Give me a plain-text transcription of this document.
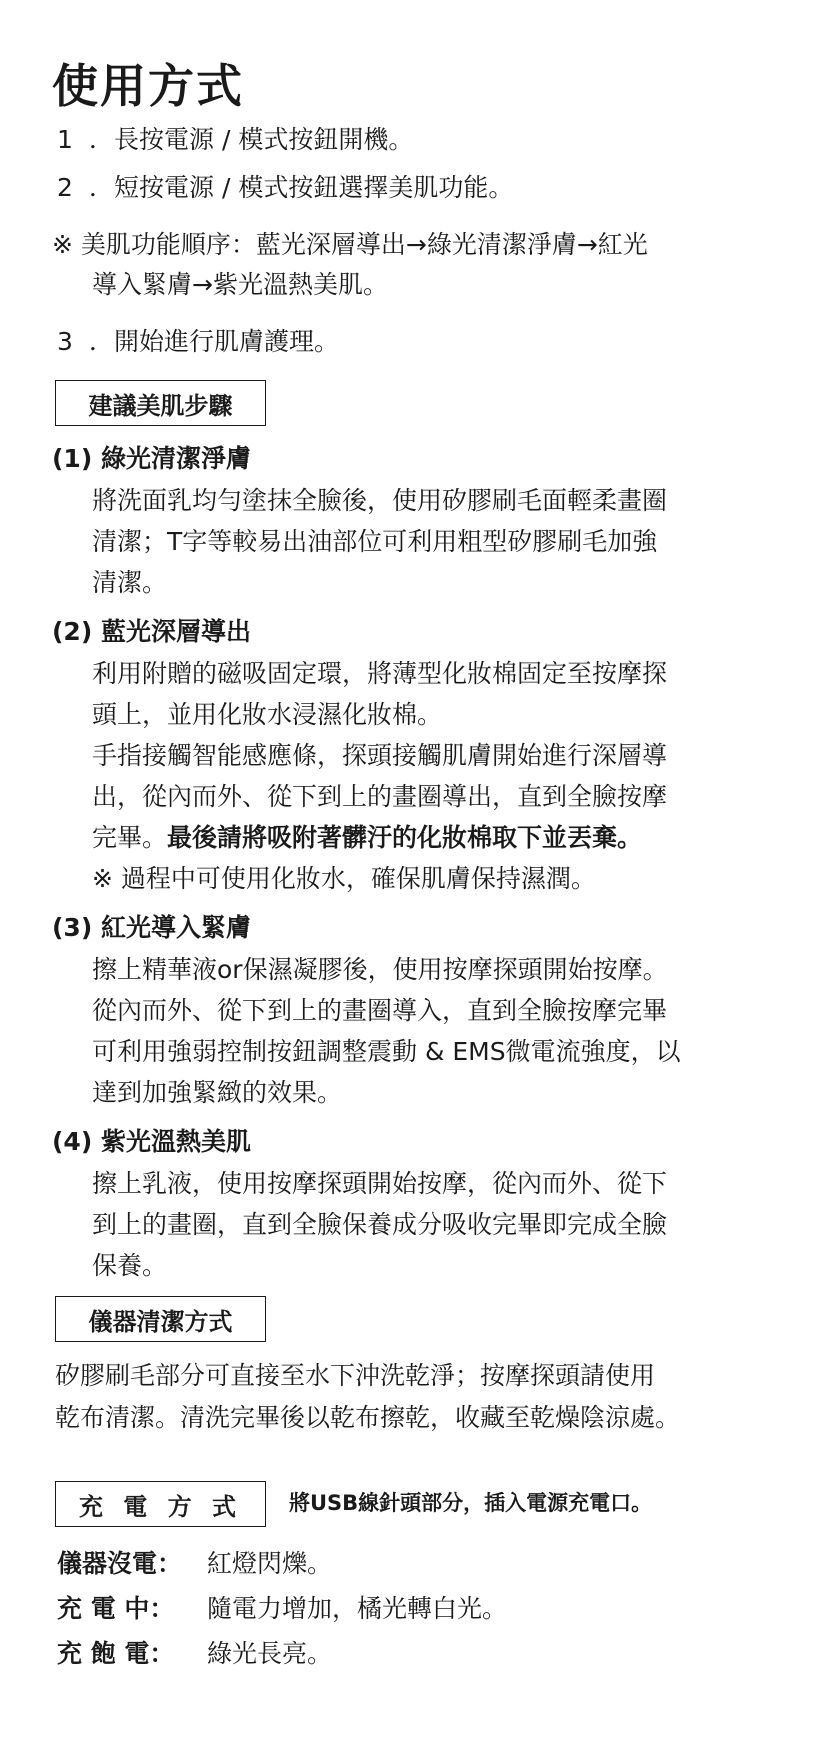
使用方式

1 ．長按電源 / 模式按鈕開機。

2 ．短按電源 / 模式按鈕選擇美肌功能。

※ 美肌功能順序：藍光深層導出→綠光清潔淨膚→紅光

導入緊膚→紫光溫熱美肌。

3 ．開始進行肌膚護理。

建議美肌步驟

(1) 綠光清潔淨膚

將洗面乳均勻塗抹全臉後，使用矽膠刷毛面輕柔畫圈

清潔；T字等較易出油部位可利用粗型矽膠刷毛加強

清潔。

(2) 藍光深層導出

利用附贈的磁吸固定環，將薄型化妝棉固定至按摩探

頭上，並用化妝水浸濕化妝棉。

手指接觸智能感應條，探頭接觸肌膚開始進行深層導

出，從內而外、從下到上的畫圈導出，直到全臉按摩

完畢。最後請將吸附著髒汙的化妝棉取下並丟棄。

※ 過程中可使用化妝水，確保肌膚保持濕潤。

(3) 紅光導入緊膚

擦上精華液or保濕凝膠後，使用按摩探頭開始按摩。

從內而外、從下到上的畫圈導入，直到全臉按摩完畢

可利用強弱控制按鈕調整震動 & EMS微電流強度，以

達到加強緊緻的效果。

(4) 紫光溫熱美肌

擦上乳液，使用按摩探頭開始按摩，從內而外、從下

到上的畫圈，直到全臉保養成分吸收完畢即完成全臉

保養。

儀器清潔方式

矽膠刷毛部分可直接至水下沖洗乾淨；按摩探頭請使用

乾布清潔。清洗完畢後以乾布擦乾，收藏至乾燥陰涼處。

充 電 方 式	將USB線針頭部分，插入電源充電口。

儀器沒電： 紅燈閃爍。

充 電 中： 隨電力增加，橘光轉白光。

充 飽 電： 綠光長亮。
